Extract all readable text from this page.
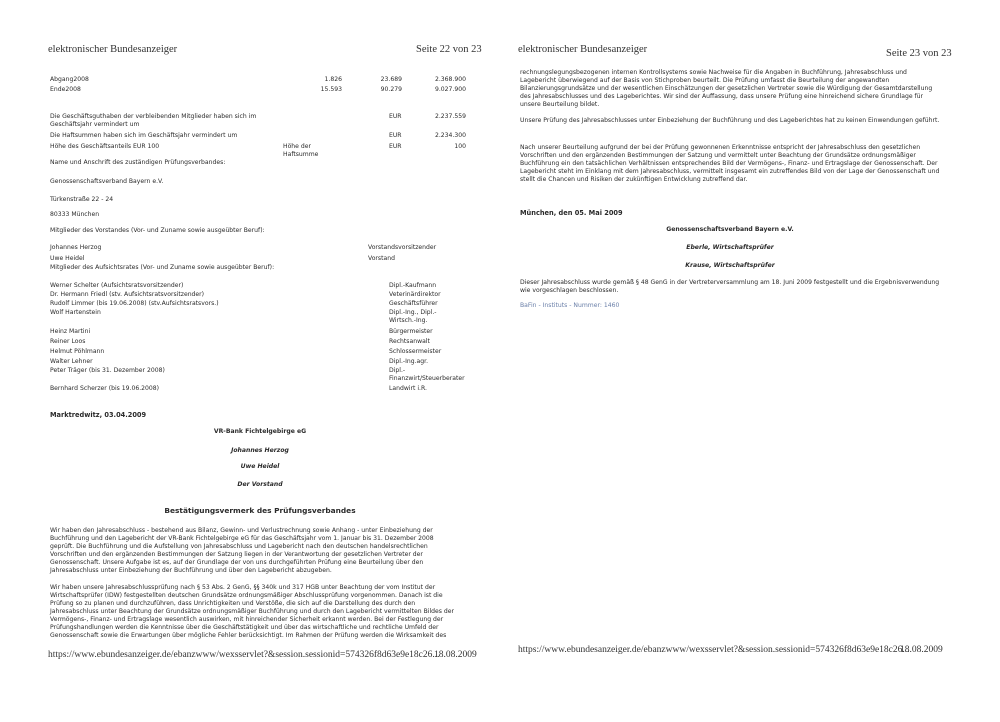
elektronischer Bundesanzeiger	Seite 22 von 23
Abgang2008	1.826	23.689	2.368.900
Ende2008	15.593	90.279	9.027.900
Die Geschäftsguthaben der verbleibenden Mitglieder haben sich im
Geschäftsjahr vermindert um
EUR	2.237.559
Die Haftsummen haben sich im Geschäftsjahr vermindert um	EUR	2.234.300
Höhe des Geschäftsanteils EUR 100	Höhe der
Haftsumme
EUR	100
Name und Anschrift des zuständigen Prüfungsverbandes:
Genossenschaftsverband Bayern e.V.
Türkenstraße 22 - 24
80333 München
Mitglieder des Vorstandes (Vor- und Zuname sowie ausgeübter Beruf):
Johannes Herzog	Vorstandsvorsitzender
Uwe Heidel	Vorstand
Mitglieder des Aufsichtsrates (Vor- und Zuname sowie ausgeübter Beruf):
Werner Schelter (Aufsichtsratsvorsitzender)	Dipl.-Kaufmann
Dr. Hermann Friedl (stv. Aufsichtsratsvorsitzender)	Veterinärdirektor
Rudolf Limmer (bis 19.06.2008) (stv.Aufsichtsratsvors.)	Geschäftsführer
Wolf Hartenstein	Dipl.-Ing., Dipl.-
Wirtsch.-Ing.
Heinz Martini	Bürgermeister
Reiner Loos	Rechtsanwalt
Helmut Pöhlmann	Schlossermeister
Walter Lehner	Dipl.-Ing.agr.
Peter Träger (bis 31. Dezember 2008)	Dipl.-
Finanzwirt/Steuerberater
Bernhard Scherzer (bis 19.06.2008)	Landwirt i.R.
Marktredwitz, 03.04.2009
VR-Bank Fichtelgebirge eG
Johannes Herzog
Uwe Heidel
Der Vorstand
Bestätigungsvermerk des Prüfungsverbandes
Wir haben den Jahresabschluss - bestehend aus Bilanz, Gewinn- und Verlustrechnung sowie Anhang - unter Einbeziehung der Buchführung und den Lagebericht der VR-Bank Fichtelgebirge eG für das Geschäftsjahr vom 1. Januar bis 31. Dezember 2008 geprüft. Die Buchführung und die Aufstellung von Jahresabschluss und Lagebericht nach den deutschen handelsrechtlichen Vorschriften und den ergänzenden Bestimmungen der Satzung liegen in der Verantwortung der gesetzlichen Vertreter der Genossenschaft. Unsere Aufgabe ist es, auf der Grundlage der von uns durchgeführten Prüfung eine Beurteilung über den Jahresabschluss unter Einbeziehung der Buchführung und über den Lagebericht abzugeben.
Wir haben unsere Jahresabschlussprüfung nach § 53 Abs. 2 GenG, §§ 340k und 317 HGB unter Beachtung der vom Institut der Wirtschaftsprüfer (IDW) festgestellten deutschen Grundsätze ordnungsmäßiger Abschlussprüfung vorgenommen. Danach ist die Prüfung so zu planen und durchzuführen, dass Unrichtigkeiten und Verstöße, die sich auf die Darstellung des durch den Jahresabschluss unter Beachtung der Grundsätze ordnungsmäßiger Buchführung und durch den Lagebericht vermittelten Bildes der Vermögens-, Finanz- und Ertragslage wesentlich auswirken, mit hinreichender Sicherheit erkannt werden. Bei der Festlegung der Prüfungshandlungen werden die Kenntnisse über die Geschäftstätigkeit und über das wirtschaftliche und rechtliche Umfeld der Genossenschaft sowie die Erwartungen über mögliche Fehler berücksichtigt. Im Rahmen der Prüfung werden die Wirksamkeit des
https://www.ebundesanzeiger.de/ebanzwww/wexsservlet?&session.sessionid=574326f8d63e9e18c26...
18.08.2009
elektronischer Bundesanzeiger	Seite 23 von 23
rechnungslegungsbezogenen internen Kontrollsystems sowie Nachweise für die Angaben in Buchführung, Jahresabschluss und Lagebericht überwiegend auf der Basis von Stichproben beurteilt. Die Prüfung umfasst die Beurteilung der angewandten Bilanzierungsgrundsätze und der wesentlichen Einschätzungen der gesetzlichen Vertreter sowie die Würdigung der Gesamtdarstellung des Jahresabschlusses und des Lageberichtes. Wir sind der Auffassung, dass unsere Prüfung eine hinreichend sichere Grundlage für unsere Beurteilung bildet.
Unsere Prüfung des Jahresabschlusses unter Einbeziehung der Buchführung und des Lageberichtes hat zu keinen Einwendungen geführt.
Nach unserer Beurteilung aufgrund der bei der Prüfung gewonnenen Erkenntnisse entspricht der Jahresabschluss den gesetzlichen Vorschriften und den ergänzenden Bestimmungen der Satzung und vermittelt unter Beachtung der Grundsätze ordnungsmäßiger Buchführung ein den tatsächlichen Verhältnissen entsprechendes Bild der Vermögens-, Finanz- und Ertragslage der Genossenschaft. Der Lagebericht steht im Einklang mit dem Jahresabschluss, vermittelt insgesamt ein zutreffendes Bild von der Lage der Genossenschaft und stellt die Chancen und Risiken der zukünftigen Entwicklung zutreffend dar.
München, den 05. Mai 2009
Genossenschaftsverband Bayern e.V.
Eberle, Wirtschaftsprüfer
Krause, Wirtschaftsprüfer
Dieser Jahresabschluss wurde gemäß § 48 GenG in der Vertreterversammlung am 18. Juni 2009 festgestellt und die Ergebnisverwendung wie vorgeschlagen beschlossen.
BaFin - Instituts - Nummer: 1460
https://www.ebundesanzeiger.de/ebanzwww/wexsservlet?&session.sessionid=574326f8d63e9e18c26...
18.08.2009
